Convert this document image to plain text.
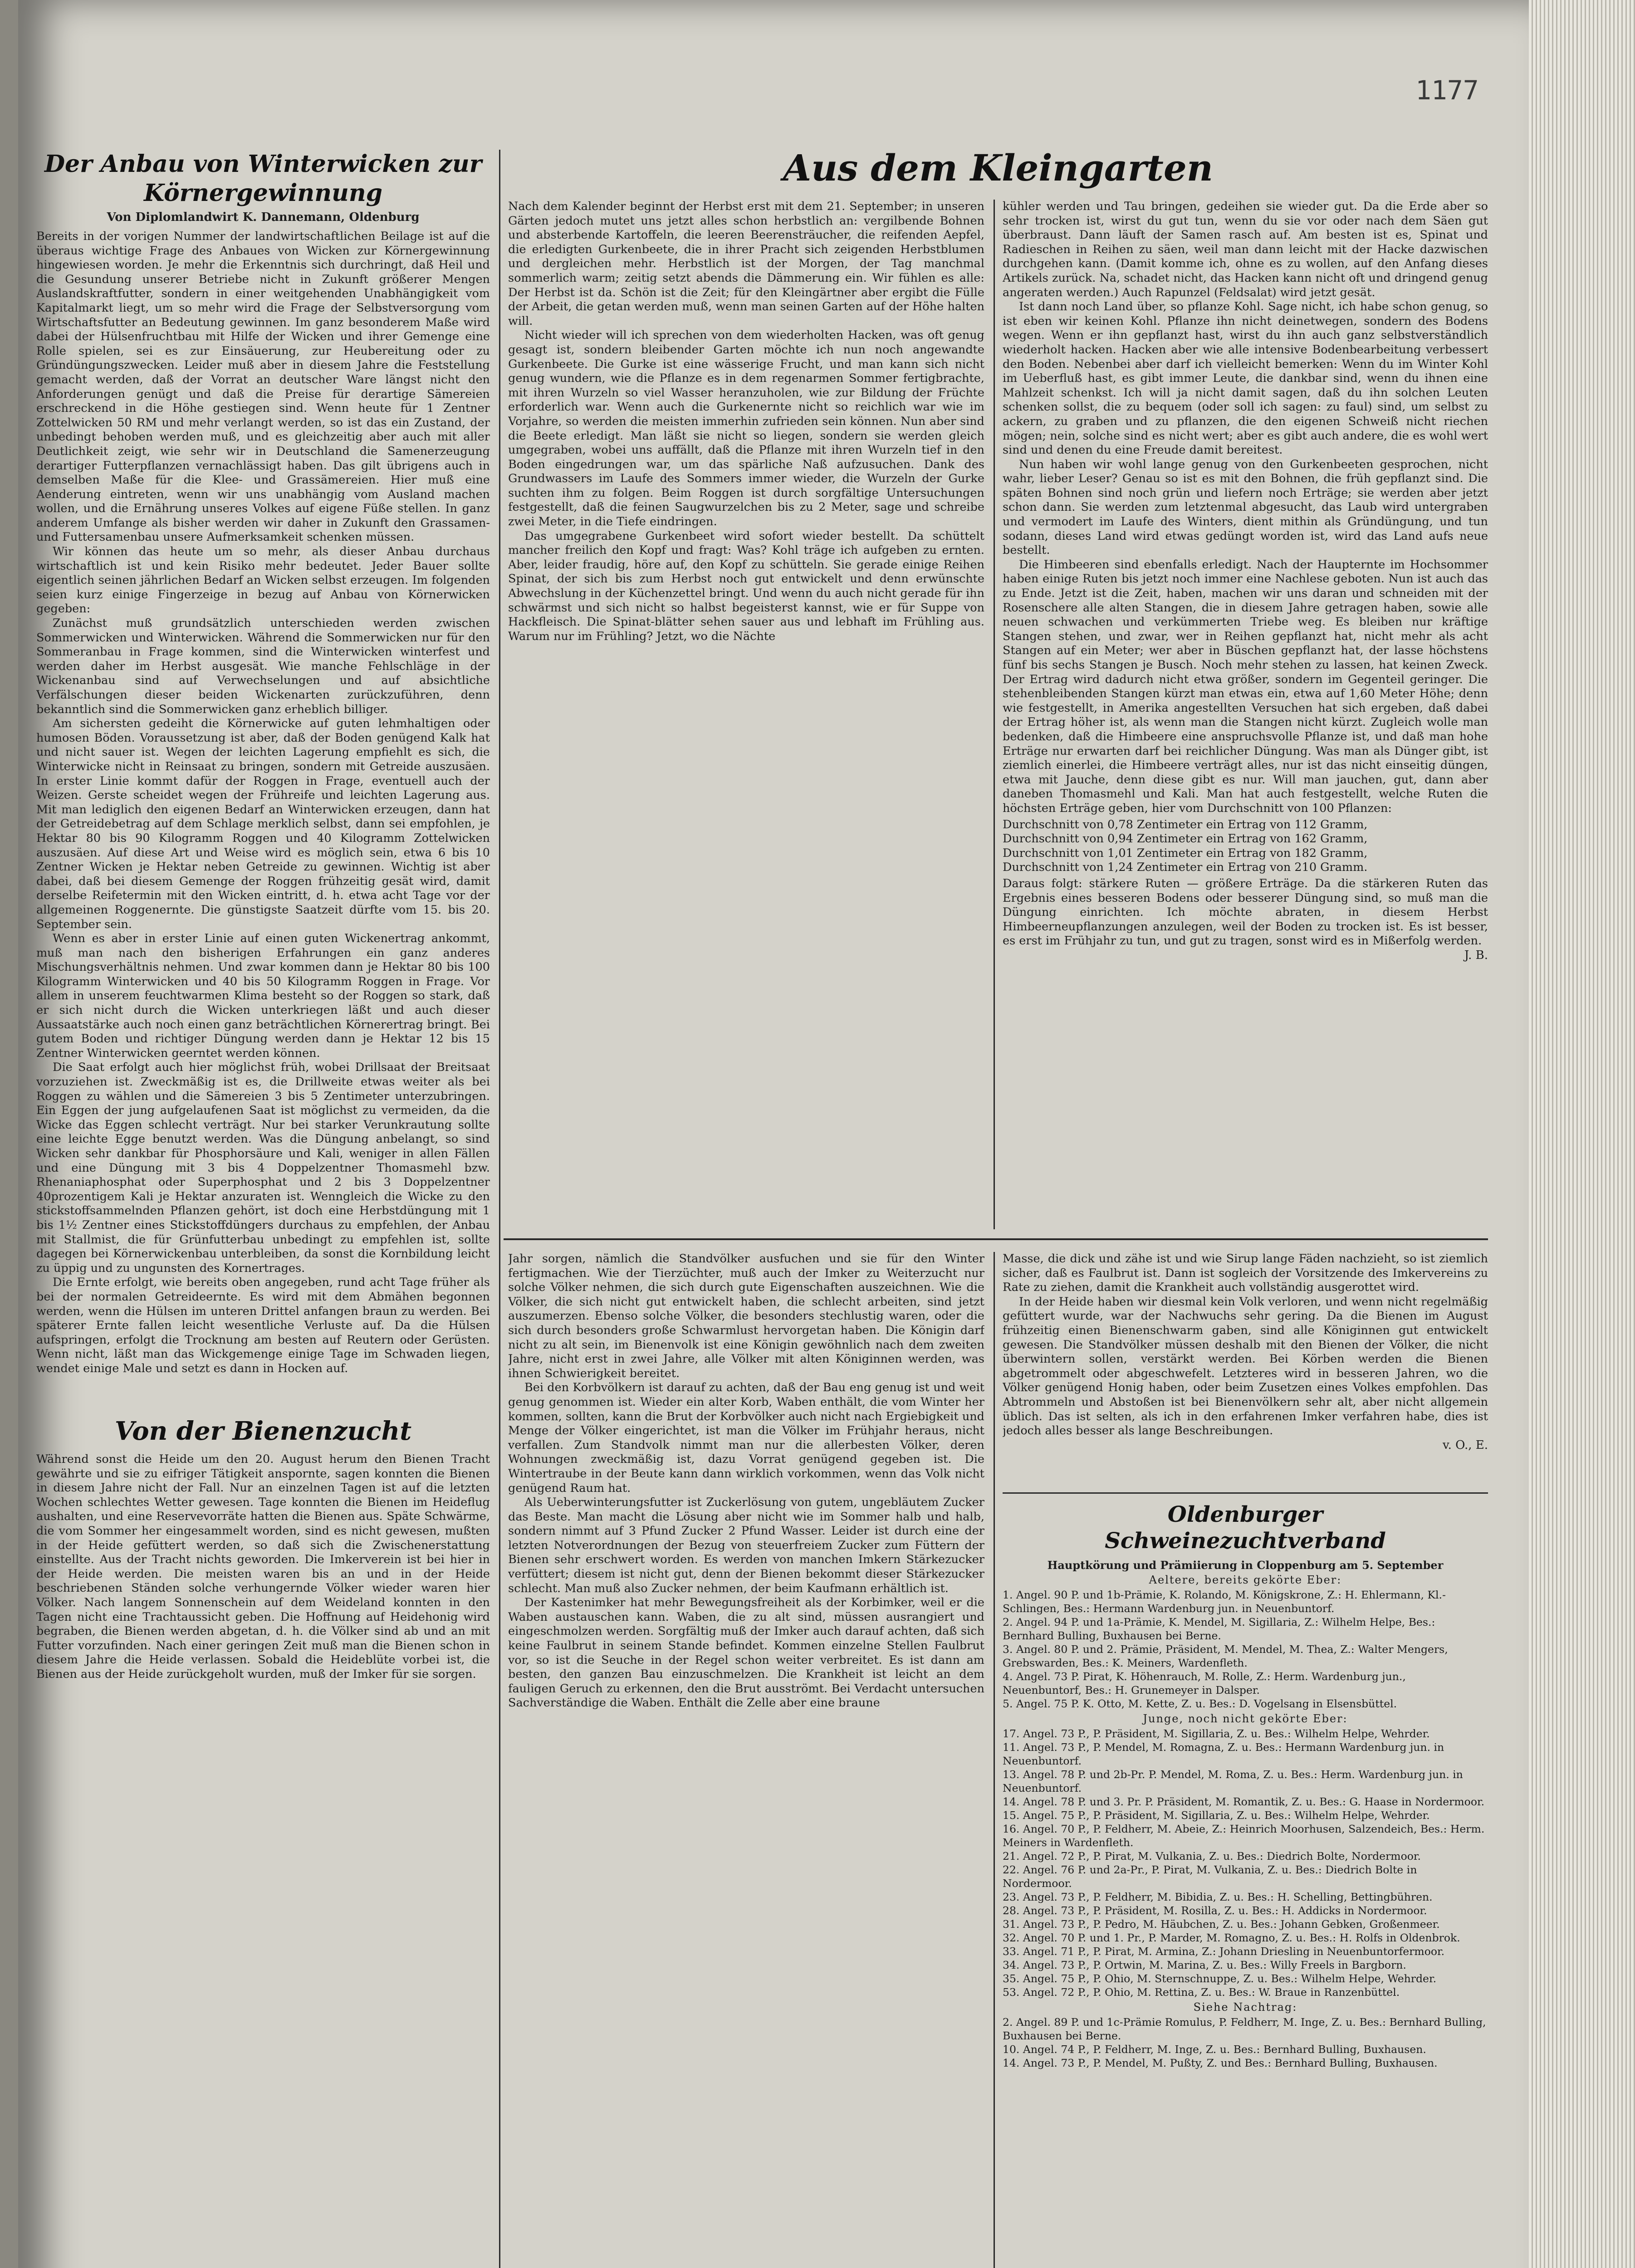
1177
Der Anbau von Winterwicken zur Körnergewinnung
Von Diplomlandwirt K. Dannemann, Oldenburg

Bereits in der vorigen Nummer der landwirtschaftlichen Beilage ist auf die überaus wichtige Frage des Anbaues von Wicken zur Körnergewinnung hingewiesen worden. Je mehr die Erkenntnis sich durchringt, daß Heil und die Gesundung unserer Betriebe nicht in Zukunft größerer Mengen Auslandskraftfutter, sondern in einer weitgehenden Unabhängigkeit vom Kapitalmarkt liegt, um so mehr wird die Frage der Selbstversorgung vom Wirtschaftsfutter an Bedeutung gewinnen. Im ganz besonderem Maße wird dabei der Hülsenfruchtbau mit Hilfe der Wicken und ihrer Gemenge eine Rolle spielen, sei es zur Einsäuerung, zur Heubereitung oder zu Gründüngungszwecken. Leider muß aber in diesem Jahre die Feststellung gemacht werden, daß der Vorrat an deutscher Ware längst nicht den Anforderungen genügt und daß die Preise für derartige Sämereien erschreckend in die Höhe gestiegen sind. Wenn heute für 1 Zentner Zottelwicken 50 RM und mehr verlangt werden, so ist das ein Zustand, der unbedingt behoben werden muß, und es gleichzeitig aber auch mit aller Deutlichkeit zeigt, wie sehr wir in Deutschland die Samenerzeugung derartiger Futterpflanzen vernachlässigt haben. Das gilt übrigens auch in demselben Maße für die Klee- und Grassämereien. Hier muß eine Aenderung eintreten, wenn wir uns unabhängig vom Ausland machen wollen, und die Ernährung unseres Volkes auf eigene Füße stellen. In ganz anderem Umfange als bisher werden wir daher in Zukunft den Grassamen- und Futtersamenbau unsere Aufmerksamkeit schenken müssen.

Wir können das heute um so mehr, als dieser Anbau durchaus wirtschaftlich ist und kein Risiko mehr bedeutet. Jeder Bauer sollte eigentlich seinen jährlichen Bedarf an Wicken selbst erzeugen. Im folgenden seien kurz einige Fingerzeige in bezug auf Anbau von Körnerwicken gegeben:

Zunächst muß grundsätzlich unterschieden werden zwischen Sommerwicken und Winterwicken. Während die Sommerwicken nur für den Sommeranbau in Frage kommen, sind die Winterwicken winterfest und werden daher im Herbst ausgesät. Wie manche Fehlschläge in der Wickenanbau sind auf Verwechselungen und auf absichtliche Verfälschungen dieser beiden Wickenarten zurückzuführen, denn bekanntlich sind die Sommerwicken ganz erheblich billiger.

Am sichersten gedeiht die Körnerwicke auf guten lehmhaltigen oder humosen Böden. Voraussetzung ist aber, daß der Boden genügend Kalk hat und nicht sauer ist. Wegen der leichten Lagerung empfiehlt es sich, die Winterwicke nicht in Reinsaat zu bringen, sondern mit Getreide auszusäen. In erster Linie kommt dafür der Roggen in Frage, eventuell auch der Weizen. Gerste scheidet wegen der Frühreife und leichten Lagerung aus. Mit man lediglich den eigenen Bedarf an Winterwicken erzeugen, dann hat der Getreidebetrag auf dem Schlage merklich selbst, dann sei empfohlen, je Hektar 80 bis 90 Kilogramm Roggen und 40 Kilogramm Zottelwicken auszusäen. Auf diese Art und Weise wird es möglich sein, etwa 6 bis 10 Zentner Wicken je Hektar neben Getreide zu gewinnen. Wichtig ist aber dabei, daß bei diesem Gemenge der Roggen frühzeitig gesät wird, damit derselbe Reifetermin mit den Wicken eintritt, d. h. etwa acht Tage vor der allgemeinen Roggenernte. Die günstigste Saatzeit dürfte vom 15. bis 20. September sein.

Wenn es aber in erster Linie auf einen guten Wickenertrag ankommt, muß man nach den bisherigen Erfahrungen ein ganz anderes Mischungsverhältnis nehmen. Und zwar kommen dann je Hektar 80 bis 100 Kilogramm Winterwicken und 40 bis 50 Kilogramm Roggen in Frage. Vor allem in unserem feuchtwarmen Klima besteht so der Roggen so stark, daß er sich nicht durch die Wicken unterkriegen läßt und auch dieser Aussaatstärke auch noch einen ganz beträchtlichen Körnerertrag bringt. Bei gutem Boden und richtiger Düngung werden dann je Hektar 12 bis 15 Zentner Winterwicken geerntet werden können.

Die Saat erfolgt auch hier möglichst früh, wobei Drillsaat der Breitsaat vorzuziehen ist. Zweckmäßig ist es, die Drillweite etwas weiter als bei Roggen zu wählen und die Sämereien 3 bis 5 Zentimeter unterzubringen. Ein Eggen der jung aufgelaufenen Saat ist möglichst zu vermeiden, da die Wicke das Eggen schlecht verträgt. Nur bei starker Verunkrautung sollte eine leichte Egge benutzt werden. Was die Düngung anbelangt, so sind Wicken sehr dankbar für Phosphorsäure und Kali, weniger in allen Fällen und eine Düngung mit 3 bis 4 Doppelzentner Thomasmehl bzw. Rhenaniaphosphat oder Superphosphat und 2 bis 3 Doppelzentner 40prozentigem Kali je Hektar anzuraten ist. Wenngleich die Wicke zu den stickstoffsammelnden Pflanzen gehört, ist doch eine Herbstdüngung mit 1 bis 1½ Zentner eines Stickstoffdüngers durchaus zu empfehlen, der Anbau mit Stallmist, die für Grünfutterbau unbedingt zu empfehlen ist, sollte dagegen bei Körnerwickenbau unterbleiben, da sonst die Kornbildung leicht zu üppig und zu ungunsten des Kornertrages.

Die Ernte erfolgt, wie bereits oben angegeben, rund acht Tage früher als bei der normalen Getreideernte. Es wird mit dem Abmähen begonnen werden, wenn die Hülsen im unteren Drittel anfangen braun zu werden. Bei späterer Ernte fallen leicht wesentliche Verluste auf. Da die Hülsen aufspringen, erfolgt die Trocknung am besten auf Reutern oder Gerüsten. Wenn nicht, läßt man das Wickgemenge einige Tage im Schwaden liegen, wendet einige Male und setzt es dann in Hocken auf.

Von der Bienenzucht

Während sonst die Heide um den 20. August herum den Bienen Tracht gewährte und sie zu eifriger Tätigkeit anspornte, sagen konnten die Bienen in diesem Jahre nicht der Fall. Nur an einzelnen Tagen ist auf die letzten Wochen schlechtes Wetter gewesen. Tage konnten die Bienen im Heideflug aushalten, und eine Reservevorräte hatten die Bienen aus. Späte Schwärme, die vom Sommer her eingesammelt worden, sind es nicht gewesen, mußten in der Heide gefüttert werden, so daß sich die Zwischenerstattung einstellte. Aus der Tracht nichts geworden. Die Imkerverein ist bei hier in der Heide werden. Die meisten waren bis an und in der Heide beschriebenen Ständen solche verhungernde Völker wieder waren hier Völker. Nach langem Sonnenschein auf dem Weideland konnten in den Tagen nicht eine Trachtaussicht geben. Die Hoffnung auf Heidehonig wird begraben, die Bienen werden abgetan, d. h. die Völker sind ab und an mit Futter vorzufinden. Nach einer geringen Zeit muß man die Bienen schon in diesem Jahre die Heide verlassen. Sobald die Heideblüte vorbei ist, die Bienen aus der Heide zurückgeholt wurden, muß der Imker für sie sorgen.

Aus dem Kleingarten

Nach dem Kalender beginnt der Herbst erst mit dem 21. September; in unseren Gärten jedoch mutet uns jetzt alles schon herbstlich an: vergilbende Bohnen und absterbende Kartoffeln, die leeren Beerensträucher, die reifenden Aepfel, die erledigten Gurkenbeete, die in ihrer Pracht sich zeigenden Herbstblumen und dergleichen mehr. Herbstlich ist der Morgen, der Tag manchmal sommerlich warm; zeitig setzt abends die Dämmerung ein. Wir fühlen es alle: Der Herbst ist da. Schön ist die Zeit; für den Kleingärtner aber ergibt die Fülle der Arbeit, die getan werden muß, wenn man seinen Garten auf der Höhe halten will.

Nicht wieder will ich sprechen von dem wiederholten Hacken, was oft genug gesagt ist, sondern bleibender Garten möchte ich nun noch angewandte Gurkenbeete. Die Gurke ist eine wässerige Frucht, und man kann sich nicht genug wundern, wie die Pflanze es in dem regenarmen Sommer fertigbrachte, mit ihren Wurzeln so viel Wasser heranzuholen, wie zur Bildung der Früchte erforderlich war. Wenn auch die Gurkenernte nicht so reichlich war wie im Vorjahre, so werden die meisten immerhin zufrieden sein können. Nun aber sind die Beete erledigt. Man läßt sie nicht so liegen, sondern sie werden gleich umgegraben, wobei uns auffällt, daß die Pflanze mit ihren Wurzeln tief in den Boden eingedrungen war, um das spärliche Naß aufzusuchen. Dank des Grundwassers im Laufe des Sommers immer wieder, die Wurzeln der Gurke suchten ihm zu folgen. Beim Roggen ist durch sorgfältige Untersuchungen festgestellt, daß die feinen Saugwurzelchen bis zu 2 Meter, sage und schreibe zwei Meter, in die Tiefe eindringen.

Das umgegrabene Gurkenbeet wird sofort wieder bestellt. Da schüttelt mancher freilich den Kopf und fragt: Was? Kohl träge ich aufgeben zu ernten. Aber, leider fraudig, höre auf, den Kopf zu schütteln. Sie gerade einige Reihen Spinat, der sich bis zum Herbst noch gut entwickelt und denn erwünschte Abwechslung in der Küchenzettel bringt. Und wenn du auch nicht gerade für ihn schwärmst und sich nicht so halbst begeisterst kannst, wie er für Suppe von Hackfleisch. Die Spinat-blätter sehen sauer aus und lebhaft im Frühling aus. Warum nur im Frühling? Jetzt, wo die Nächte

kühler werden und Tau bringen, gedeihen sie wieder gut. Da die Erde aber so sehr trocken ist, wirst du gut tun, wenn du sie vor oder nach dem Säen gut überbraust. Dann läuft der Samen rasch auf. Am besten ist es, Spinat und Radieschen in Reihen zu säen, weil man dann leicht mit der Hacke dazwischen durchgehen kann. (Damit komme ich, ohne es zu wollen, auf den Anfang dieses Artikels zurück. Na, schadet nicht, das Hacken kann nicht oft und dringend genug angeraten werden.) Auch Rapunzel (Feldsalat) wird jetzt gesät.

Ist dann noch Land über, so pflanze Kohl. Sage nicht, ich habe schon genug, so ist eben wir keinen Kohl. Pflanze ihn nicht deinetwegen, sondern des Bodens wegen. Wenn er ihn gepflanzt hast, wirst du ihn auch ganz selbstverständlich wiederholt hacken. Hacken aber wie alle intensive Bodenbearbeitung verbessert den Boden. Nebenbei aber darf ich vielleicht bemerken: Wenn du im Winter Kohl im Ueberfluß hast, es gibt immer Leute, die dankbar sind, wenn du ihnen eine Mahlzeit schenkst. Ich will ja nicht damit sagen, daß du ihn solchen Leuten schenken sollst, die zu bequem (oder soll ich sagen: zu faul) sind, um selbst zu ackern, zu graben und zu pflanzen, die den eigenen Schweiß nicht riechen mögen; nein, solche sind es nicht wert; aber es gibt auch andere, die es wohl wert sind und denen du eine Freude damit bereitest.

Nun haben wir wohl lange genug von den Gurkenbeeten gesprochen, nicht wahr, lieber Leser? Genau so ist es mit den Bohnen, die früh gepflanzt sind. Die späten Bohnen sind noch grün und liefern noch Erträge; sie werden aber jetzt schon dann. Sie werden zum letztenmal abgesucht, das Laub wird untergraben und vermodert im Laufe des Winters, dient mithin als Gründüngung, und tun sodann, dieses Land wird etwas gedüngt worden ist, wird das Land aufs neue bestellt.

Die Himbeeren sind ebenfalls erledigt. Nach der Haupternte im Hochsommer haben einige Ruten bis jetzt noch immer eine Nachlese geboten. Nun ist auch das zu Ende. Jetzt ist die Zeit, haben, machen wir uns daran und schneiden mit der Rosenschere alle alten Stangen, die in diesem Jahre getragen haben, sowie alle neuen schwachen und verkümmerten Triebe weg. Es bleiben nur kräftige Stangen stehen, und zwar, wer in Reihen gepflanzt hat, nicht mehr als acht Stangen auf ein Meter; wer aber in Büschen gepflanzt hat, der lasse höchstens fünf bis sechs Stangen je Busch. Noch mehr stehen zu lassen, hat keinen Zweck. Der Ertrag wird dadurch nicht etwa größer, sondern im Gegenteil geringer. Die stehenbleibenden Stangen kürzt man etwas ein, etwa auf 1,60 Meter Höhe; denn wie festgestellt, in Amerika angestellten Versuchen hat sich ergeben, daß dabei der Ertrag höher ist, als wenn man die Stangen nicht kürzt. Zugleich wolle man bedenken, daß die Himbeere eine anspruchsvolle Pflanze ist, und daß man hohe Erträge nur erwarten darf bei reichlicher Düngung. Was man als Dünger gibt, ist ziemlich einerlei, die Himbeere verträgt alles, nur ist das nicht einseitig düngen, etwa mit Jauche, denn diese gibt es nur. Will man jauchen, gut, dann aber daneben Thomasmehl und Kali. Man hat auch festgestellt, welche Ruten die höchsten Erträge geben, hier vom Durchschnitt von 100 Pflanzen:

Durchschnitt von 0,78 Zentimeter ein Ertrag von 112 Gramm,

Durchschnitt von 0,94 Zentimeter ein Ertrag von 162 Gramm,

Durchschnitt von 1,01 Zentimeter ein Ertrag von 182 Gramm,

Durchschnitt von 1,24 Zentimeter ein Ertrag von 210 Gramm.

Daraus folgt: stärkere Ruten — größere Erträge. Da die stärkeren Ruten das Ergebnis eines besseren Bodens oder besserer Düngung sind, so muß man die Düngung einrichten. Ich möchte abraten, in diesem Herbst Himbeerneupflanzungen anzulegen, weil der Boden zu trocken ist. Es ist besser, es erst im Frühjahr zu tun, und gut zu tragen, sonst wird es in Mißerfolg werden.

J. B.

Jahr sorgen, nämlich die Standvölker ausfuchen und sie für den Winter fertigmachen. Wie der Tierzüchter, muß auch der Imker zu Weiterzucht nur solche Völker nehmen, die sich durch gute Eigenschaften auszeichnen. Wie die Völker, die sich nicht gut entwickelt haben, die schlecht arbeiten, sind jetzt auszumerzen. Ebenso solche Völker, die besonders stechlustig waren, oder die sich durch besonders große Schwarmlust hervorgetan haben. Die Königin darf nicht zu alt sein, im Bienenvolk ist eine Königin gewöhnlich nach dem zweiten Jahre, nicht erst in zwei Jahre, alle Völker mit alten Königinnen werden, was ihnen Schwierigkeit bereitet.

Bei den Korbvölkern ist darauf zu achten, daß der Bau eng genug ist und weit genug genommen ist. Wieder ein alter Korb, Waben enthält, die vom Winter her kommen, sollten, kann die Brut der Korbvölker auch nicht nach Ergiebigkeit und Menge der Völker eingerichtet, ist man die Völker im Frühjahr heraus, nicht verfallen. Zum Standvolk nimmt man nur die allerbesten Völker, deren Wohnungen zweckmäßig ist, dazu Vorrat genügend gegeben ist. Die Wintertraube in der Beute kann dann wirklich vorkommen, wenn das Volk nicht genügend Raum hat.

Als Ueberwinterungsfutter ist Zuckerlösung von gutem, ungebläutem Zucker das Beste. Man macht die Lösung aber nicht wie im Sommer halb und halb, sondern nimmt auf 3 Pfund Zucker 2 Pfund Wasser. Leider ist durch eine der letzten Notverordnungen der Bezug von steuerfreiem Zucker zum Füttern der Bienen sehr erschwert worden. Es werden von manchen Imkern Stärkezucker verfüttert; diesem ist nicht gut, denn der Bienen bekommt dieser Stärkezucker schlecht. Man muß also Zucker nehmen, der beim Kaufmann erhältlich ist.

Der Kastenimker hat mehr Bewegungsfreiheit als der Korbimker, weil er die Waben austauschen kann. Waben, die zu alt sind, müssen ausrangiert und eingeschmolzen werden. Sorgfältig muß der Imker auch darauf achten, daß sich keine Faulbrut in seinem Stande befindet. Kommen einzelne Stellen Faulbrut vor, so ist die Seuche in der Regel schon weiter verbreitet. Es ist dann am besten, den ganzen Bau einzuschmelzen. Die Krankheit ist leicht an dem fauligen Geruch zu erkennen, den die Brut ausströmt. Bei Verdacht untersuchen Sachverständige die Waben. Enthält die Zelle aber eine braune

Masse, die dick und zähe ist und wie Sirup lange Fäden nachzieht, so ist ziemlich sicher, daß es Faulbrut ist. Dann ist sogleich der Vorsitzende des Imkervereins zu Rate zu ziehen, damit die Krankheit auch vollständig ausgerottet wird.

In der Heide haben wir diesmal kein Volk verloren, und wenn nicht regelmäßig gefüttert wurde, war der Nachwuchs sehr gering. Da die Bienen im August frühzeitig einen Bienenschwarm gaben, sind alle Königinnen gut entwickelt gewesen. Die Standvölker müssen deshalb mit den Bienen der Völker, die nicht überwintern sollen, verstärkt werden. Bei Körben werden die Bienen abgetrommelt oder abgeschwefelt. Letzteres wird in besseren Jahren, wo die Völker genügend Honig haben, oder beim Zusetzen eines Volkes empfohlen. Das Abtrommeln und Abstoßen ist bei Bienenvölkern sehr alt, aber nicht allgemein üblich. Das ist selten, als ich in den erfahrenen Imker verfahren habe, dies ist jedoch alles besser als lange Beschreibungen.

v. O., E.

Oldenburger Schweinezuchtverband
Hauptkörung und Prämiierung in Cloppenburg am 5. September
Aeltere, bereits gekörte Eber:

1. Angel. 90 P. und 1b-Prämie, K. Rolando, M. Königskrone, Z.: H. Ehlermann, Kl.-Schlingen, Bes.: Hermann Wardenburg jun. in Neuenbuntorf.

2. Angel. 94 P. und 1a-Prämie, K. Mendel, M. Sigillaria, Z.: Wilhelm Helpe, Bes.: Bernhard Bulling, Buxhausen bei Berne.

3. Angel. 80 P. und 2. Prämie, Präsident, M. Mendel, M. Thea, Z.: Walter Mengers, Grebswarden, Bes.: K. Meiners, Wardenfleth.

4. Angel. 73 P. Pirat, K. Höhenrauch, M. Rolle, Z.: Herm. Wardenburg jun., Neuenbuntorf, Bes.: H. Grunemeyer in Dalsper.

5. Angel. 75 P. K. Otto, M. Kette, Z. u. Bes.: D. Vogelsang in Elsensbüttel.

Junge, noch nicht gekörte Eber:

17. Angel. 73 P., P. Präsident, M. Sigillaria, Z. u. Bes.: Wilhelm Helpe, Wehrder.

11. Angel. 73 P., P. Mendel, M. Romagna, Z. u. Bes.: Hermann Wardenburg jun. in Neuenbuntorf.

13. Angel. 78 P. und 2b-Pr. P. Mendel, M. Roma, Z. u. Bes.: Herm. Wardenburg jun. in Neuenbuntorf.

14. Angel. 78 P. und 3. Pr. P. Präsident, M. Romantik, Z. u. Bes.: G. Haase in Nordermoor.

15. Angel. 75 P., P. Präsident, M. Sigillaria, Z. u. Bes.: Wilhelm Helpe, Wehrder.

16. Angel. 70 P., P. Feldherr, M. Abeie, Z.: Heinrich Moorhusen, Salzendeich, Bes.: Herm. Meiners in Wardenfleth.

21. Angel. 72 P., P. Pirat, M. Vulkania, Z. u. Bes.: Diedrich Bolte, Nordermoor.

22. Angel. 76 P. und 2a-Pr., P. Pirat, M. Vulkania, Z. u. Bes.: Diedrich Bolte in Nordermoor.

23. Angel. 73 P., P. Feldherr, M. Bibidia, Z. u. Bes.: H. Schelling, Bettingbühren.

28. Angel. 73 P., P. Präsident, M. Rosilla, Z. u. Bes.: H. Addicks in Nordermoor.

31. Angel. 73 P., P. Pedro, M. Häubchen, Z. u. Bes.: Johann Gebken, Großenmeer.

32. Angel. 70 P. und 1. Pr., P. Marder, M. Romagno, Z. u. Bes.: H. Rolfs in Oldenbrok.

33. Angel. 71 P., P. Pirat, M. Armina, Z.: Johann Driesling in Neuenbuntorfermoor.

34. Angel. 73 P., P. Ortwin, M. Marina, Z. u. Bes.: Willy Freels in Bargborn.

35. Angel. 75 P., P. Ohio, M. Sternschnuppe, Z. u. Bes.: Wilhelm Helpe, Wehrder.

53. Angel. 72 P., P. Ohio, M. Rettina, Z. u. Bes.: W. Braue in Ranzenbüttel.

Siehe Nachtrag:

2. Angel. 89 P. und 1c-Prämie Romulus, P. Feldherr, M. Inge, Z. u. Bes.: Bernhard Bulling, Buxhausen bei Berne.

10. Angel. 74 P., P. Feldherr, M. Inge, Z. u. Bes.: Bernhard Bulling, Buxhausen.

14. Angel. 73 P., P. Mendel, M. Pußty, Z. und Bes.: Bernhard Bulling, Buxhausen.
